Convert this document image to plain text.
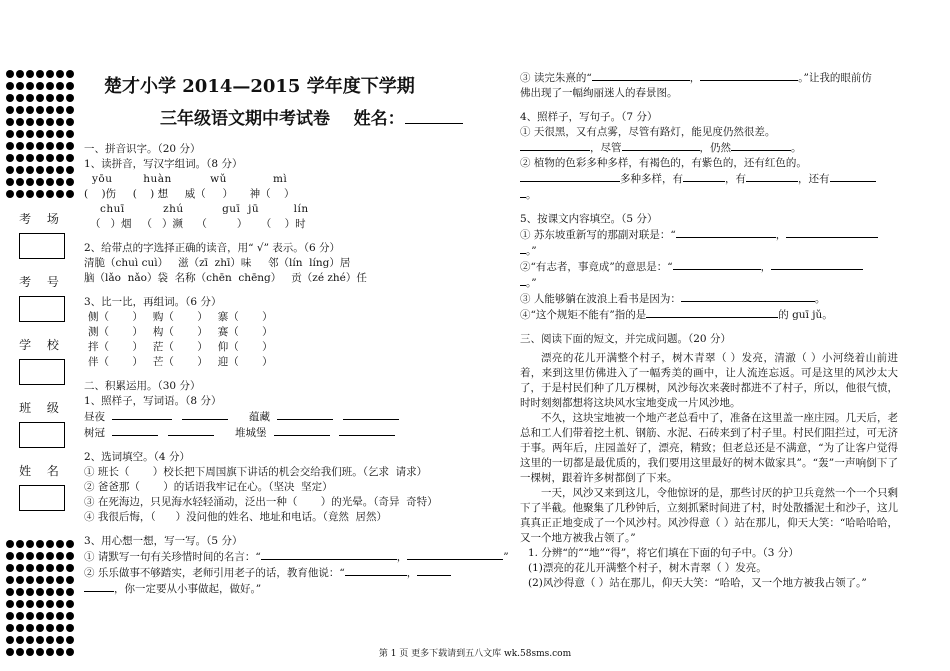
考 场
考 号
学 校
班 级
姓 名
楚才小学 2014—2015 学年度下学期
三年级语文期中考试卷    姓名：
一、拼音识字。（20 分）
1、读拼音，写汉字组词。（8 分）
yōu        huàn          wǔ            mì
(    )伤     (    ) 想     威（     ）     神（    ）
chuī          zhú          guī  jū         lín
（   ）烟   （   ）濒    （         ）    （    ）时
2、给带点的字选择正确的读音，用“ √” 表示。（6 分）
清脆（chuì cuì）   滋（zī  zhī）味     邻（lín  líng）居
脑（lǎo  nǎo）袋  名称（chēn  chēng）   贡（zé zhé）任
3、比一比，再组词。（6 分）
侧（       ）   购（       ）   寨（       ）
测（       ）   构（       ）   赛（       ）
拌（       ）   茫（       ）   仰（       ）
伴（       ）   芒（       ）   迎（       ）
二、积累运用。（30 分）
1、照样子，写词语。（8 分）
昼夜	蕴藏
树冠	堆城堡
2、选词填空。（4 分）
① 班长（       ）校长把下周国旗下讲话的机会交给我们班。（乞求  请求）
② 爸爸那（       ）的话语我牢记在心。（坚决  坚定）
③ 在死海边，只见海水轻轻涌动，泛出一种（       ）的光晕。（奇异  奇特）
④ 我很后悔，（      ）没问他的姓名、地址和电话。（竟然  居然）
3、用心想一想，写一写。（5 分）
① 请默写一句有关珍惜时间的名言：“	，	”
② 乐乐做事不够踏实，老师引用老子的话，教育他说：“	，
，你一定要从小事做起，做好。”
③ 读完朱熹的“	，	。”让我的眼前仿
佛出现了一幅绚丽迷人的春景图。
4、照样子，写句子。（7 分）
① 天很黑，又有点雾，尽管有路灯，能见度仍然很差。
，尽管	，仍然	。
② 植物的色彩多种多样，有褐色的，有紫色的，还有红色的。
多种多样，有	，有	，还有
。
5、按课文内容填空。（5 分）
① 苏东坡重新写的那副对联是：“	，
。”
②“有志者，事竟成”的意思是：“	，
。”
③ 人能够躺在波浪上看书是因为：	。
④“这个规矩不能有”指的是	的 guī jǔ。
三、阅读下面的短文，并完成问题。（20 分）
漂亮的花儿开满整个村子，树木青翠（ ）发亮，清澈（ ）小河绕着山前进着，来到这里仿佛进入了一幅秀美的画中，让人流连忘返。可是这里的风沙太大了，于是村民们种了几万棵树，风沙每次来袭时都进不了村子，所以，他很气愤，时时刻刻都想将这块风水宝地变成一片风沙地。
不久，这块宝地被一个地产老总看中了，准备在这里盖一座庄园。几天后，老总和工人们带着挖土机、钢筋、水泥、石砖来到了村子里。村民们阻拦过，可无济于事。两年后，庄园盖好了，漂亮，精致；但老总还是不满意，“为了让客户觉得这里的一切都是最优质的，我们要用这里最好的树木做家具”。“轰”一声响倒下了一棵树，跟着许多树都倒了下来。
一天，风沙又来到这儿，令他惊讶的是，那些讨厌的护卫兵竟然一个一个只剩下了半截。他聚集了几秒钟后，立刻抓紧时间进了村，时处散播泥土和沙子，这儿真真正正地变成了一个风沙村。风沙得意（ ）站在那儿，仰天大笑：“哈哈哈哈，又一个地方被我占领了。”
1. 分辨“的”“地”“得”，将它们填在下面的句子中。（3 分）
(1)漂亮的花儿开满整个村子，树木青翠（ ）发亮。
(2)风沙得意（ ）站在那儿，仰天大笑：“哈哈，又一个地方被我占领了。”
第 1 页 更多下载请到五八文库 wk.58sms.com
